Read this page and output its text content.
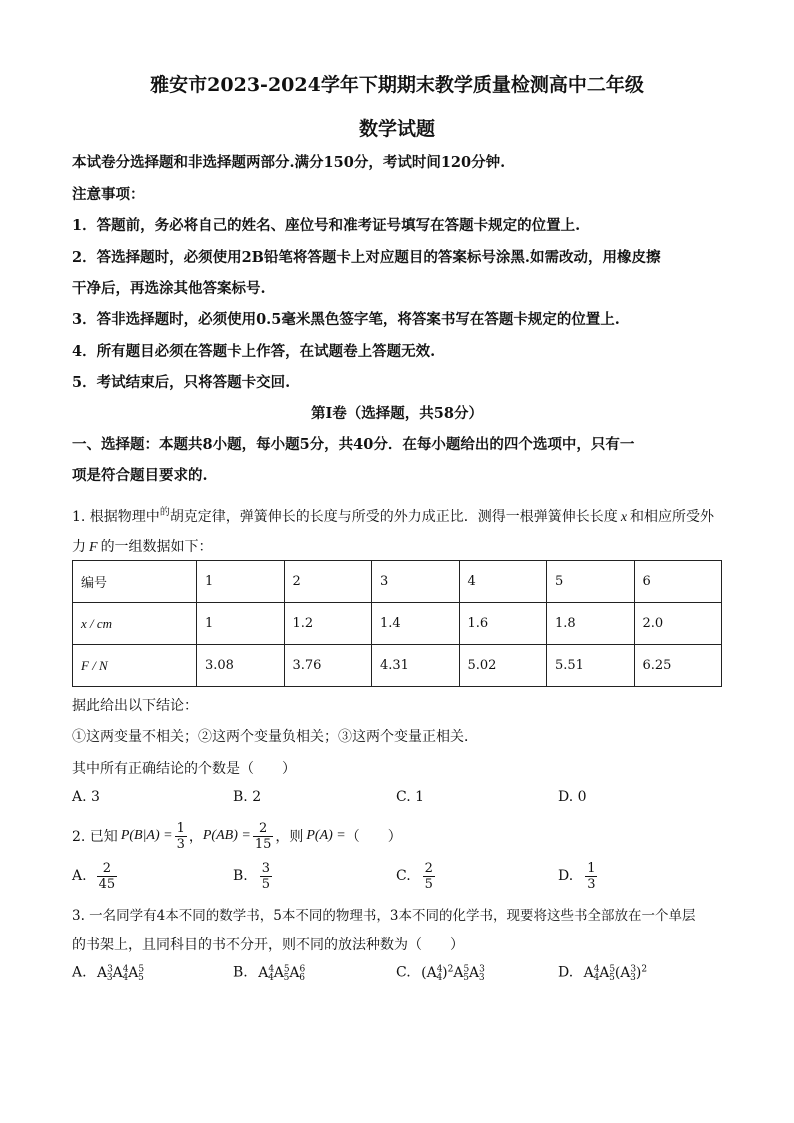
雅安市2023-2024学年下期期末教学质量检测高中二年级
数学试题
本试卷分选择题和非选择题两部分.满分150分，考试时间120分钟.
注意事项：
1．答题前，务必将自己的姓名、座位号和准考证号填写在答题卡规定的位置上.
2．答选择题时，必须使用2B铅笔将答题卡上对应题目的答案标号涂黑.如需改动，用橡皮擦
干净后，再选涂其他答案标号.
3．答非选择题时，必须使用0.5毫米黑色签字笔，将答案书写在答题卡规定的位置上.
4．所有题目必须在答题卡上作答，在试题卷上答题无效.
5．考试结束后，只将答题卡交回.
第Ⅰ卷（选择题，共58分）
一、选择题：本题共8小题，每小题5分，共40分．在每小题给出的四个选项中，只有一
项是符合题目要求的.
1. 根据物理中$^的$胡克定律，弹簧伸长的长度与所受的外力成正比．测得一根弹簧伸长长度 x 和相应所受外
力 F 的一组数据如下：
编号	1	2	3	4	5	6
x / cm	1	1.2	1.4	1.6	1.8	2.0
F / N	3.08	3.76	4.31	5.02	5.51	6.25
据此给出以下结论：
①这两变量不相关；②这两个变量负相关；③这两个变量正相关．
其中所有正确结论的个数是（　　）
A. 3	B. 2	C. 1	D. 0
2. 已知 $P(B|A) = \frac{1}{3}$ ， $P(AB) = \frac{2}{15}$ ，则 P(A) = （　　）
A. $\frac{2}{45}$	B. $\frac{3}{5}$	C. $\frac{2}{5}$	D. $\frac{1}{3}$
3. 一名同学有4本不同的数学书，5本不同的物理书，3本不同的化学书，现要将这些书全部放在一个单层
的书架上，且同科目的书不分开，则不同的放法种数为（　　）
A. $A^3_3A^4_4A^5_5$	B. $A^4_4A^5_5A^6_6$	C. $(A^4_4)^2A^5_5A^3_3$	D. $A^4_4A^5_5(A^3_3)^2$
